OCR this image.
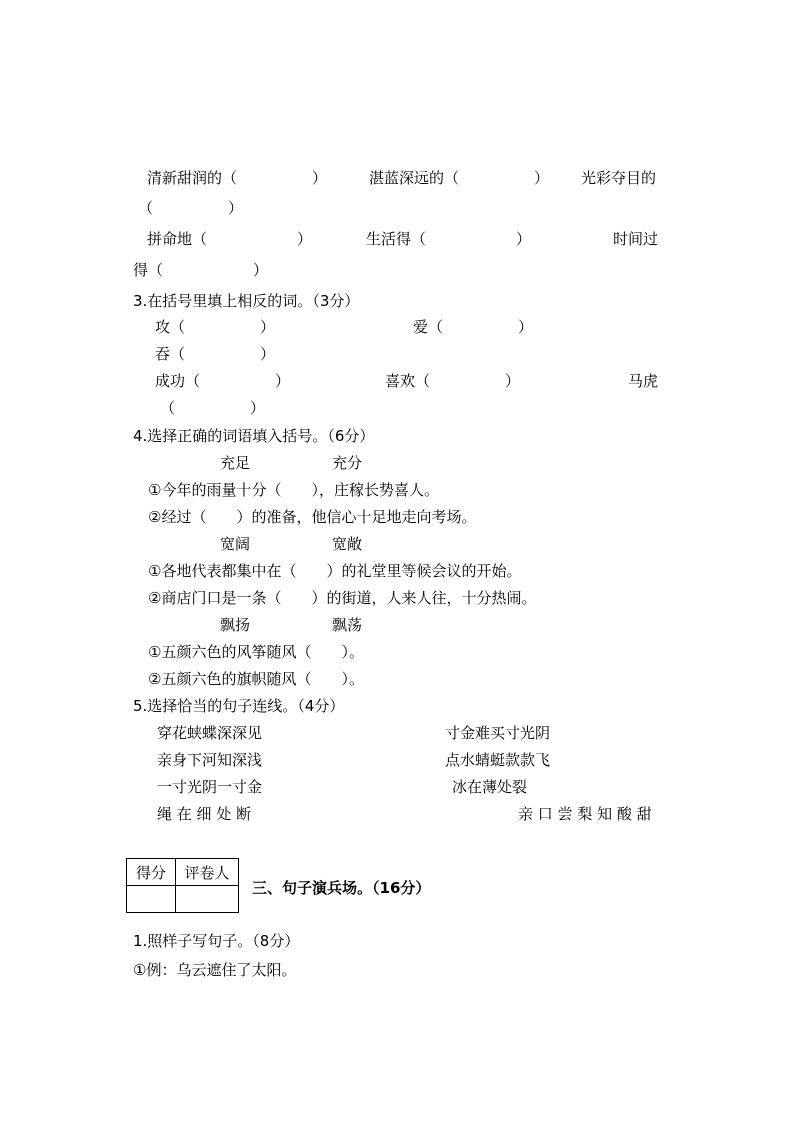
清新甜润的（　　　　　）	湛蓝深远的（　　　　　） 光彩夺目的
（　　　　　）
拼命地（　　　　　　）	生活得（　　　　　　）	时间过
得（　　　　　　）
3.在括号里填上相反的词。（3分）
攻（　　　　　）	爱（　　　　　）
吞（　　　　　）
成功（　　　　　）	喜欢（　　　　　）	马虎
（　　　　　）
4.选择正确的词语填入括号。（6分）
充足	充分
①今年的雨量十分（　　），庄稼长势喜人。
②经过（　　）的准备，他信心十足地走向考场。
宽阔	宽敞
①各地代表都集中在（　　）的礼堂里等候会议的开始。
②商店门口是一条（　　）的街道，人来人往，十分热闹。
飘扬	飘荡
①五颜六色的风筝随风（　　）。
②五颜六色的旗帜随风（　　）。
5.选择恰当的句子连线。（4分）
穿花蛱蝶深深见	寸金难买寸光阴
亲身下河知深浅	点水蜻蜓款款飞
一寸光阴一寸金	冰在薄处裂
绳 在 细 处 断	亲 口 尝 梨 知 酸 甜
得分	评卷人

三、句子演兵场。（16分）
1.照样子写句子。（8分）
①例：乌云遮住了太阳。
